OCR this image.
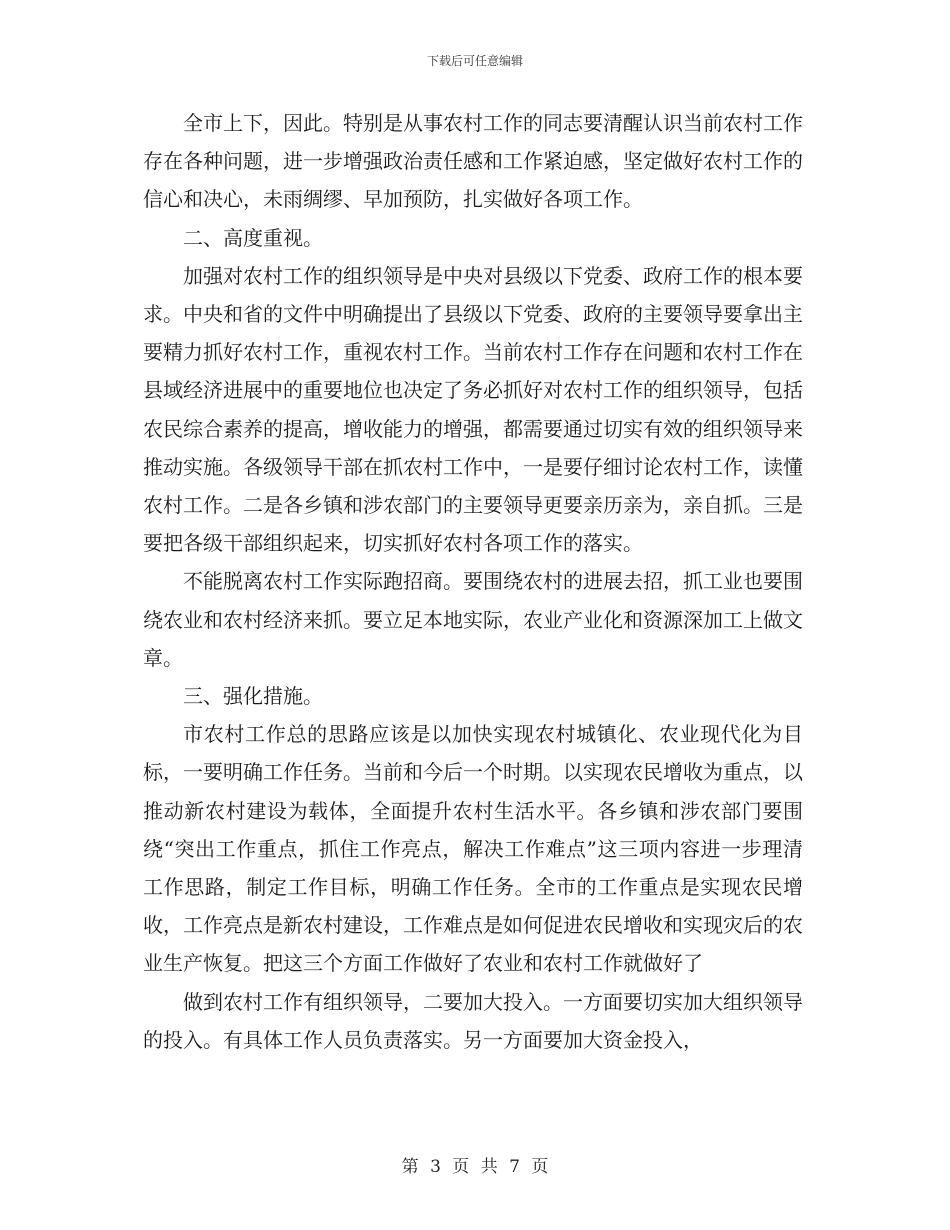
下载后可任意编辑

全市上下，因此。特别是从事农村工作的同志要清醒认识当前农村工作存在各种问题，进一步增强政治责任感和工作紧迫感，坚定做好农村工作的信心和决心，未雨绸缪、早加预防，扎实做好各项工作。

二、高度重视。

加强对农村工作的组织领导是中央对县级以下党委、政府工作的根本要求。中央和省的文件中明确提出了县级以下党委、政府的主要领导要拿出主要精力抓好农村工作，重视农村工作。当前农村工作存在问题和农村工作在县域经济进展中的重要地位也决定了务必抓好对农村工作的组织领导，包括农民综合素养的提高，增收能力的增强，都需要通过切实有效的组织领导来推动实施。各级领导干部在抓农村工作中，一是要仔细讨论农村工作，读懂农村工作。二是各乡镇和涉农部门的主要领导更要亲历亲为，亲自抓。三是要把各级干部组织起来，切实抓好农村各项工作的落实。

不能脱离农村工作实际跑招商。要围绕农村的进展去招，抓工业也要围绕农业和农村经济来抓。要立足本地实际，农业产业化和资源深加工上做文章。

三、强化措施。

市农村工作总的思路应该是以加快实现农村城镇化、农业现代化为目标，一要明确工作任务。当前和今后一个时期。以实现农民增收为重点，以推动新农村建设为载体，全面提升农村生活水平。各乡镇和涉农部门要围绕“突出工作重点，抓住工作亮点，解决工作难点”这三项内容进一步理清工作思路，制定工作目标，明确工作任务。全市的工作重点是实现农民增收，工作亮点是新农村建设，工作难点是如何促进农民增收和实现灾后的农业生产恢复。把这三个方面工作做好了农业和农村工作就做好了

做到农村工作有组织领导，二要加大投入。一方面要切实加大组织领导的投入。有具体工作人员负责落实。另一方面要加大资金投入，

第 3 页 共 7 页
